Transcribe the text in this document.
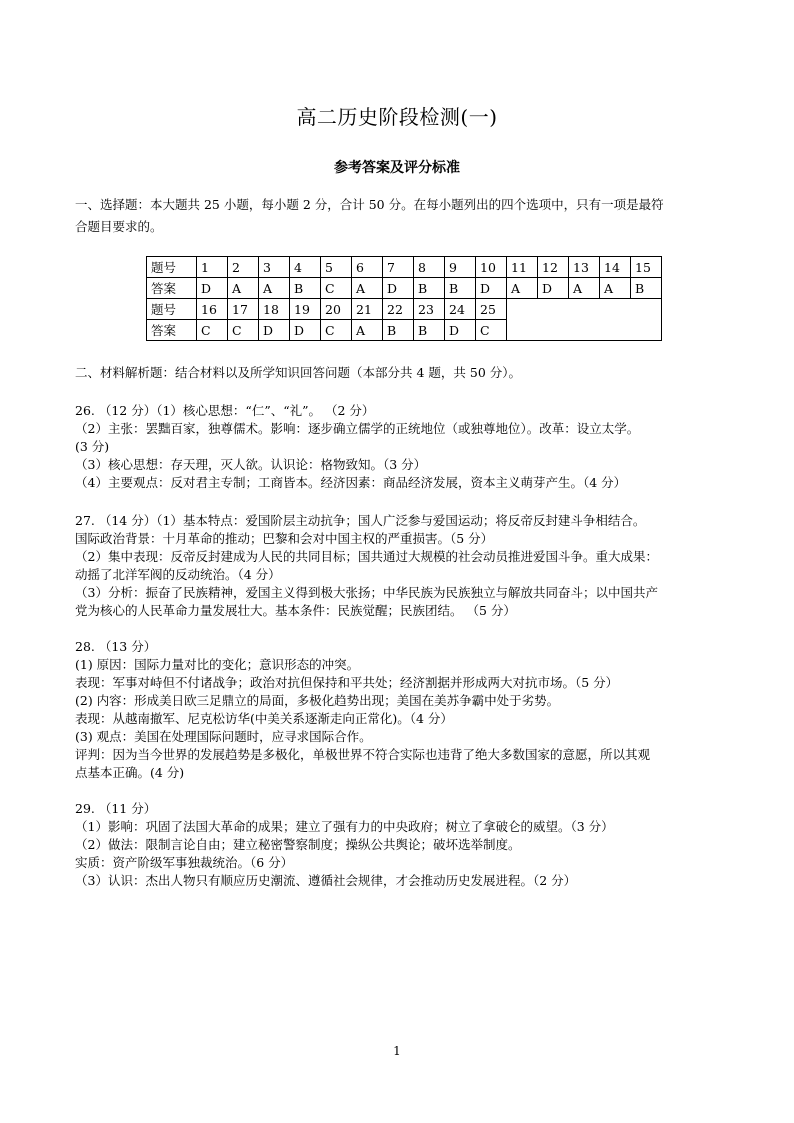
高二历史阶段检测(一)
参考答案及评分标准
一、选择题：本大题共 25 小题，每小题 2 分，合计 50 分。在每小题列出的四个选项中，只有一项是最符
合题目要求的。
题号	1	2	3	4	5	6	7	8	9	10	11	12	13	14	15
答案	D	A	A	B	C	A	D	B	B	D	A	D	A	A	B
题号	16	17	18	19	20	21	22	23	24	25					
答案	C	C	D	D	C	A	B	B	D	C					
二、材料解析题：结合材料以及所学知识回答问题（本部分共 4 题，共 50 分）。
26. （12 分）（1）核心思想：“仁”、“礼”。 （2 分）
（2）主张：罢黜百家，独尊儒术。影响：逐步确立儒学的正统地位（或独尊地位）。改革：设立太学。
(3 分)
（3）核心思想：存天理，灭人欲。认识论：格物致知。（3 分）
（4）主要观点：反对君主专制；工商皆本。经济因素：商品经济发展，资本主义萌芽产生。（4 分）
27. （14 分）（1）基本特点：爱国阶层主动抗争；国人广泛参与爱国运动；将反帝反封建斗争相结合。
国际政治背景：十月革命的推动；巴黎和会对中国主权的严重损害。（5 分）
（2）集中表现：反帝反封建成为人民的共同目标；国共通过大规模的社会动员推进爱国斗争。重大成果：
动摇了北洋军阀的反动统治。（4 分）
（3）分析：振奋了民族精神，爱国主义得到极大张扬；中华民族为民族独立与解放共同奋斗；以中国共产
党为核心的人民革命力量发展壮大。基本条件：民族觉醒；民族团结。 （5 分）
28. （13 分）
(1) 原因：国际力量对比的变化；意识形态的冲突。
表现：军事对峙但不付诸战争；政治对抗但保持和平共处；经济割据并形成两大对抗市场。（5 分）
(2) 内容：形成美日欧三足鼎立的局面，多极化趋势出现；美国在美苏争霸中处于劣势。
表现：从越南撤军、尼克松访华(中美关系逐渐走向正常化)。（4 分）
(3) 观点：美国在处理国际问题时，应寻求国际合作。
评判：因为当今世界的发展趋势是多极化，单极世界不符合实际也违背了绝大多数国家的意愿，所以其观
点基本正确。(4 分)
29. （11 分）
（1）影响：巩固了法国大革命的成果；建立了强有力的中央政府；树立了拿破仑的威望。（3 分）
（2）做法：限制言论自由；建立秘密警察制度；操纵公共舆论；破坏选举制度。
实质：资产阶级军事独裁统治。（6 分）
（3）认识：杰出人物只有顺应历史潮流、遵循社会规律，才会推动历史发展进程。（2 分）
1
